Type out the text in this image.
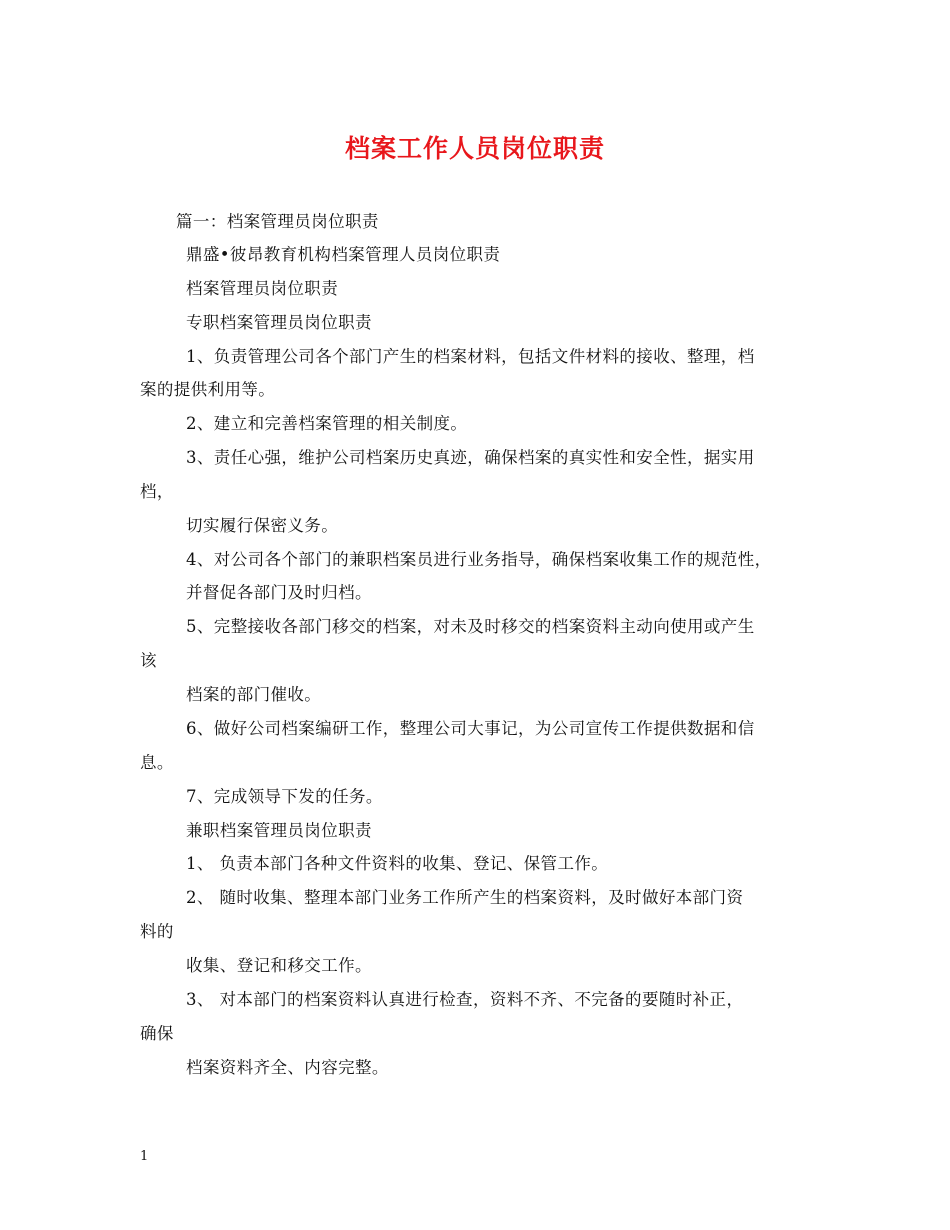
档案工作人员岗位职责
篇一：档案管理员岗位职责
鼎盛•彼昂教育机构档案管理人员岗位职责
档案管理员岗位职责
专职档案管理员岗位职责
1、负责管理公司各个部门产生的档案材料，包括文件材料的接收、整理，档
案的提供利用等。
2、建立和完善档案管理的相关制度。
3、责任心强，维护公司档案历史真迹，确保档案的真实性和安全性，据实用
档，
切实履行保密义务。
4、对公司各个部门的兼职档案员进行业务指导，确保档案收集工作的规范性，
并督促各部门及时归档。
5、完整接收各部门移交的档案，对未及时移交的档案资料主动向使用或产生
该
档案的部门催收。
6、做好公司档案编研工作，整理公司大事记，为公司宣传工作提供数据和信
息。
7、完成领导下发的任务。
兼职档案管理员岗位职责
1、 负责本部门各种文件资料的收集、登记、保管工作。
2、 随时收集、整理本部门业务工作所产生的档案资料，及时做好本部门资
料的
收集、登记和移交工作。
3、 对本部门的档案资料认真进行检查，资料不齐、不完备的要随时补正，
确保
档案资料齐全、内容完整。
1
